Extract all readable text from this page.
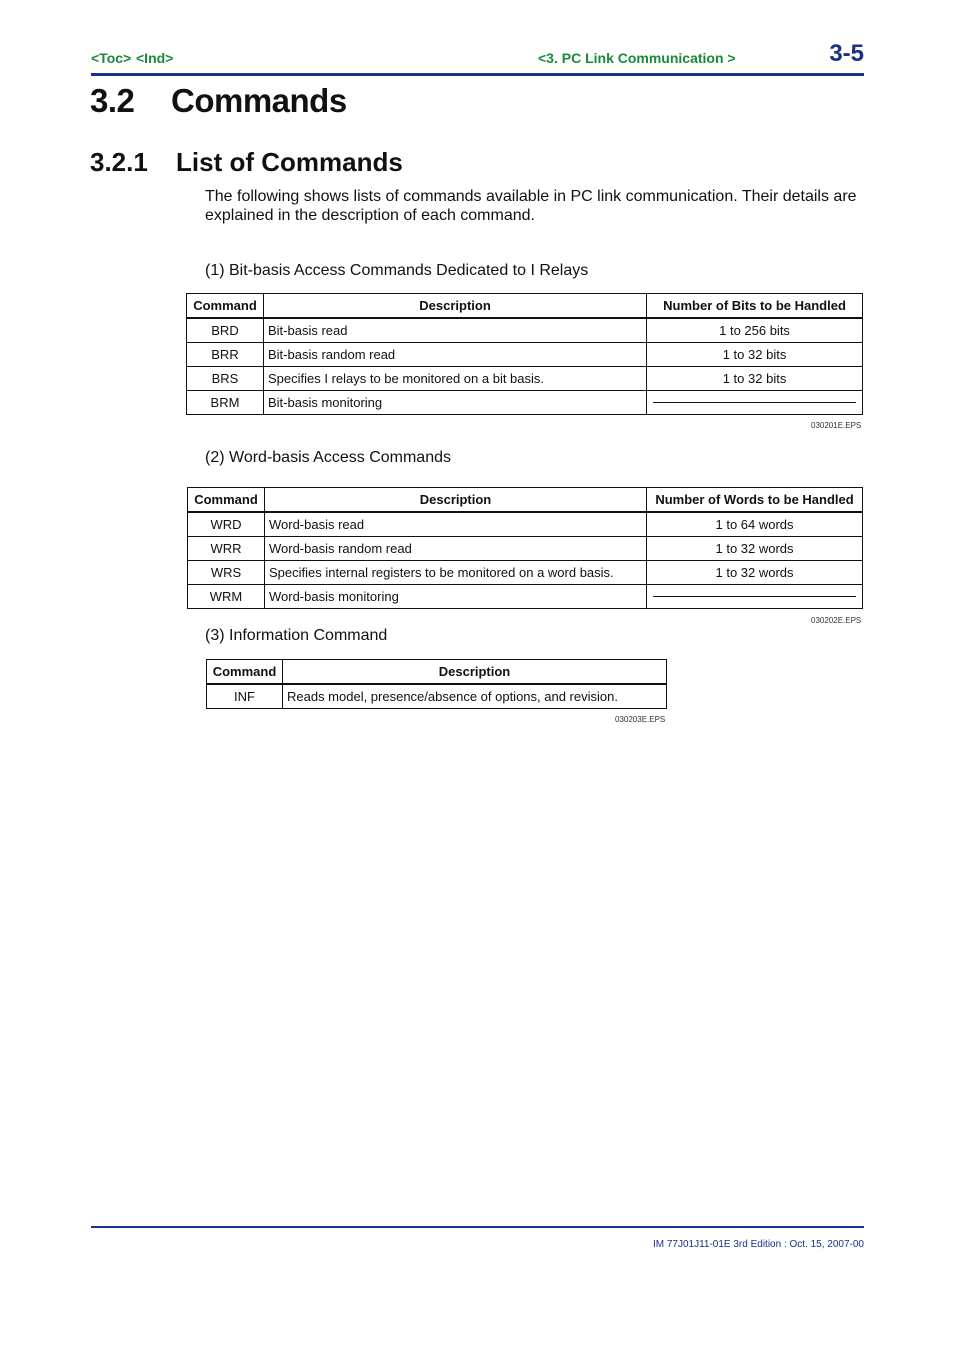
<Toc> <Ind>	<3. PC Link Communication >	3-5
3.2 Commands
3.2.1 List of Commands
The following shows lists of commands available in PC link communication. Their details are explained in the description of each command.
(1) Bit-basis Access Commands Dedicated to I Relays
Command	Description	Number of Bits to be Handled
BRD	Bit-basis read	1 to 256 bits
BRR	Bit-basis random read	1 to 32 bits
BRS	Specifies I relays to be monitored on a bit basis.	1 to 32 bits
BRM	Bit-basis monitoring	
030201E.EPS
(2) Word-basis Access Commands
Command	Description	Number of Words to be Handled
WRD	Word-basis read	1 to 64 words
WRR	Word-basis random read	1 to 32 words
WRS	Specifies internal registers to be monitored on a word basis.	1 to 32 words
WRM	Word-basis monitoring	
030202E.EPS
(3) Information Command
Command	Description
INF	Reads model, presence/absence of options, and revision.
030203E.EPS
IM 77J01J11-01E 3rd Edition : Oct. 15, 2007-00
